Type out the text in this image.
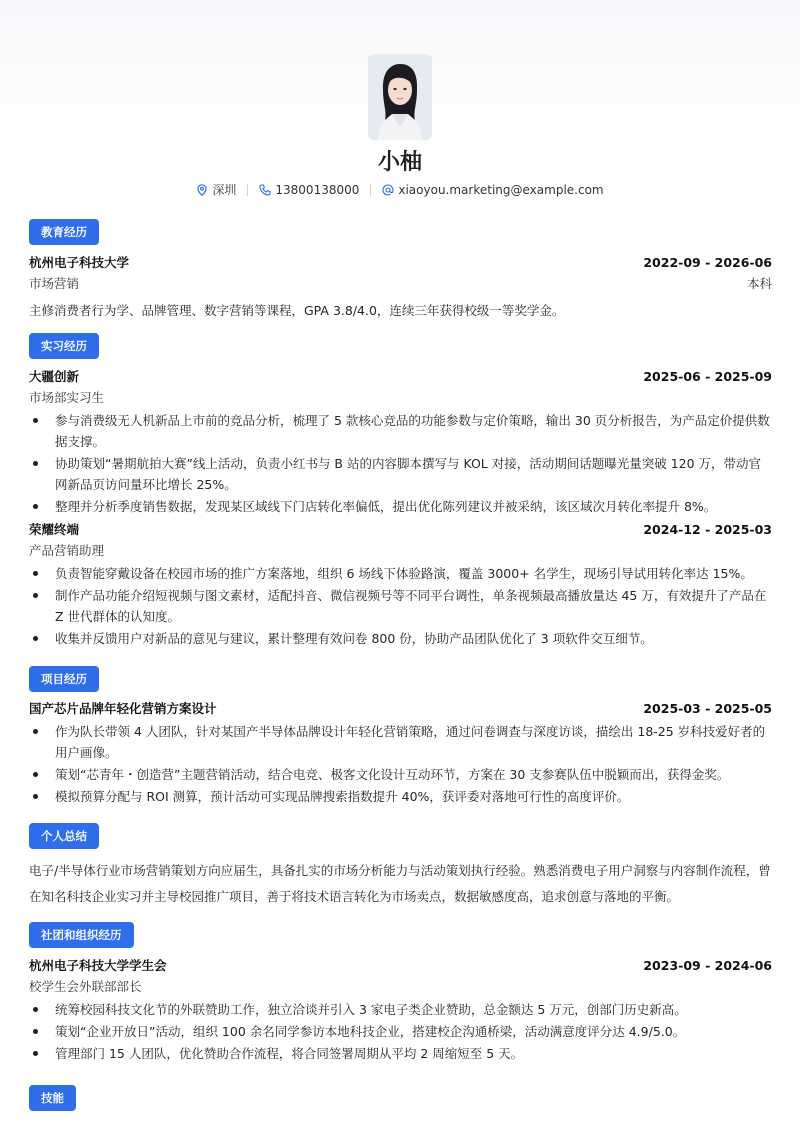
小柚
深圳	13800138000	xiaoyou.marketing@example.com
教育经历
杭州电子科技大学	2022-09 - 2026-06
市场营销	本科
主修消费者行为学、品牌管理、数字营销等课程，GPA 3.8/4.0，连续三年获得校级一等奖学金。
实习经历
大疆创新	2025-06 - 2025-09
市场部实习生
参与消费级无人机新品上市前的竞品分析，梳理了 5 款核心竞品的功能参数与定价策略，输出 30 页分析报告，为产品定价提供数据支撑。
协助策划“暑期航拍大赛”线上活动，负责小红书与 B 站的内容脚本撰写与 KOL 对接，活动期间话题曝光量突破 120 万，带动官网新品页访问量环比增长 25%。
整理并分析季度销售数据，发现某区域线下门店转化率偏低，提出优化陈列建议并被采纳，该区域次月转化率提升 8%。
荣耀终端	2024-12 - 2025-03
产品营销助理
负责智能穿戴设备在校园市场的推广方案落地，组织 6 场线下体验路演，覆盖 3000+ 名学生，现场引导试用转化率达 15%。
制作产品功能介绍短视频与图文素材，适配抖音、微信视频号等不同平台调性，单条视频最高播放量达 45 万，有效提升了产品在 Z 世代群体的认知度。
收集并反馈用户对新品的意见与建议，累计整理有效问卷 800 份，协助产品团队优化了 3 项软件交互细节。
项目经历
国产芯片品牌年轻化营销方案设计	2025-03 - 2025-05
作为队长带领 4 人团队，针对某国产半导体品牌设计年轻化营销策略，通过问卷调查与深度访谈，描绘出 18-25 岁科技爱好者的用户画像。
策划“芯青年・创造营”主题营销活动，结合电竞、极客文化设计互动环节，方案在 30 支参赛队伍中脱颖而出，获得金奖。
模拟预算分配与 ROI 测算，预计活动可实现品牌搜索指数提升 40%，获评委对落地可行性的高度评价。
个人总结
电子/半导体行业市场营销策划方向应届生，具备扎实的市场分析能力与活动策划执行经验。熟悉消费电子用户洞察与内容制作流程，曾在知名科技企业实习并主导校园推广项目，善于将技术语言转化为市场卖点，数据敏感度高，追求创意与落地的平衡。
社团和组织经历
杭州电子科技大学学生会	2023-09 - 2024-06
校学生会外联部部长
统筹校园科技文化节的外联赞助工作，独立洽谈并引入 3 家电子类企业赞助，总金额达 5 万元，创部门历史新高。
策划“企业开放日”活动，组织 100 余名同学参访本地科技企业，搭建校企沟通桥梁，活动满意度评分达 4.9/5.0。
管理部门 15 人团队，优化赞助合作流程，将合同签署周期从平均 2 周缩短至 5 天。
技能
